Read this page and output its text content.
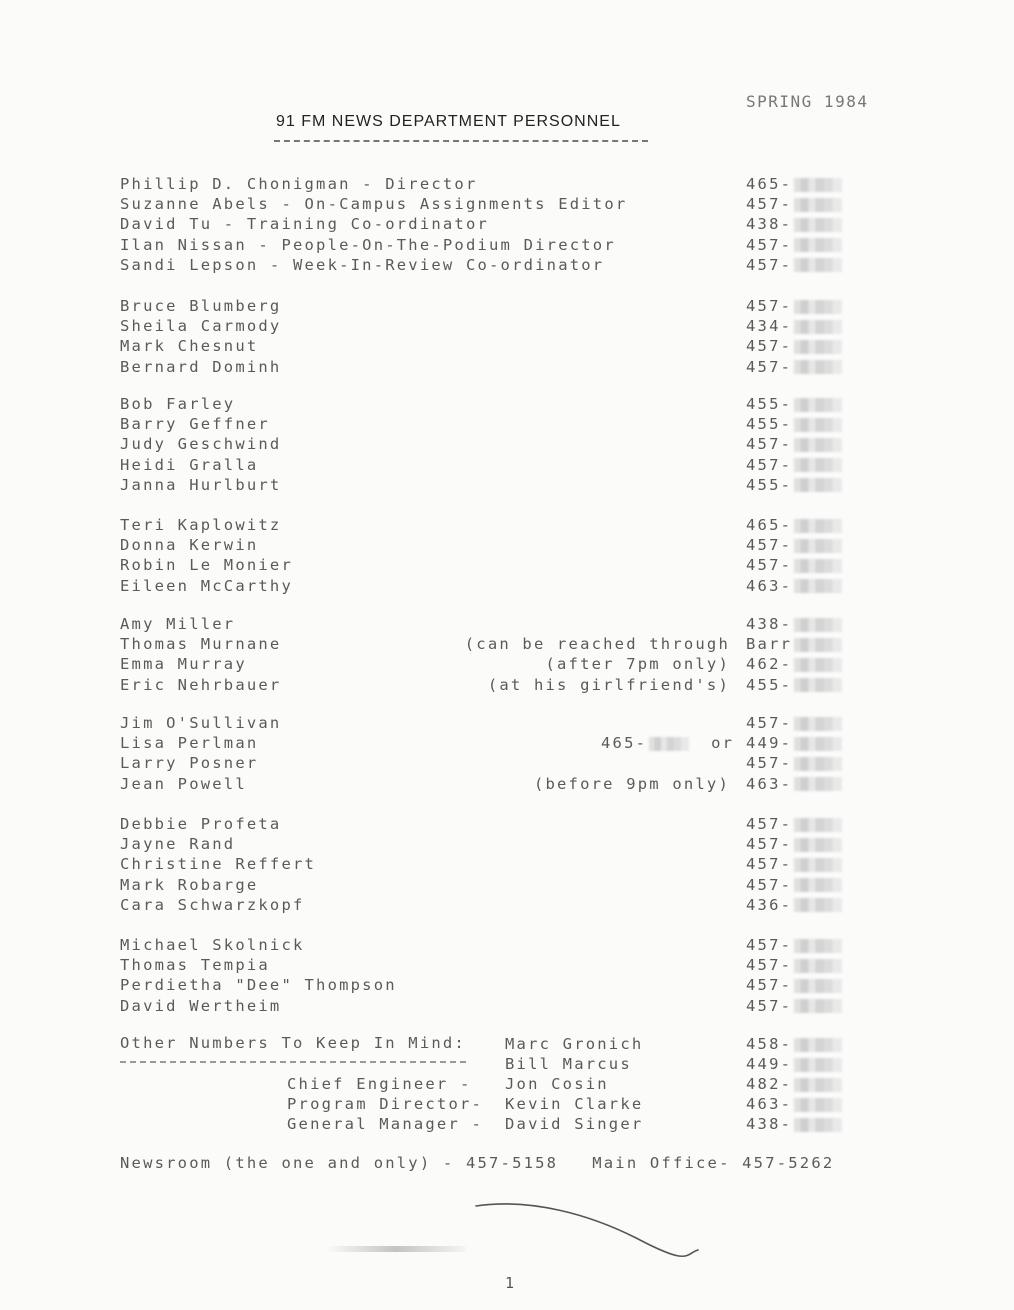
SPRING 1984
91 FM NEWS DEPARTMENT PERSONNEL
Phillip D. Chonigman - Director	465-
Suzanne Abels - On-Campus Assignments Editor	457-
David Tu - Training Co-ordinator	438-
Ilan Nissan - People-On-The-Podium Director	457-
Sandi Lepson - Week-In-Review Co-ordinator	457-
Bruce Blumberg	457-
Sheila Carmody	434-
Mark Chesnut	457-
Bernard Dominh	457-
Bob Farley	455-
Barry Geffner	455-
Judy Geschwind	457-
Heidi Gralla	457-
Janna Hurlburt	455-
Teri Kaplowitz	465-
Donna Kerwin	457-
Robin Le Monier	457-
Eileen McCarthy	463-
Amy Miller	438-
Thomas Murnane	(can be reached through Barr
Emma Murray	(after 7pm only) 462-
Eric Nehrbauer	(at his girlfriend's) 455-
Jim O'Sullivan	457-
Lisa Perlman	465-	or 449-
Larry Posner	457-
Jean Powell	(before 9pm only) 463-
Debbie Profeta	457-
Jayne Rand	457-
Christine Reffert	457-
Mark Robarge	457-
Cara Schwarzkopf	436-
Michael Skolnick	457-
Thomas Tempia	457-
Perdietha "Dee" Thompson	457-
David Wertheim	457-
Other Numbers To Keep In Mind:	Marc Gronich	458-
Bill Marcus	449-
Chief Engineer - Jon Cosin	482-
Program Director- Kevin Clarke	463-
General Manager - David Singer	438-
Newsroom (the one and only) - 457-5158 Main Office- 457-5262
1
